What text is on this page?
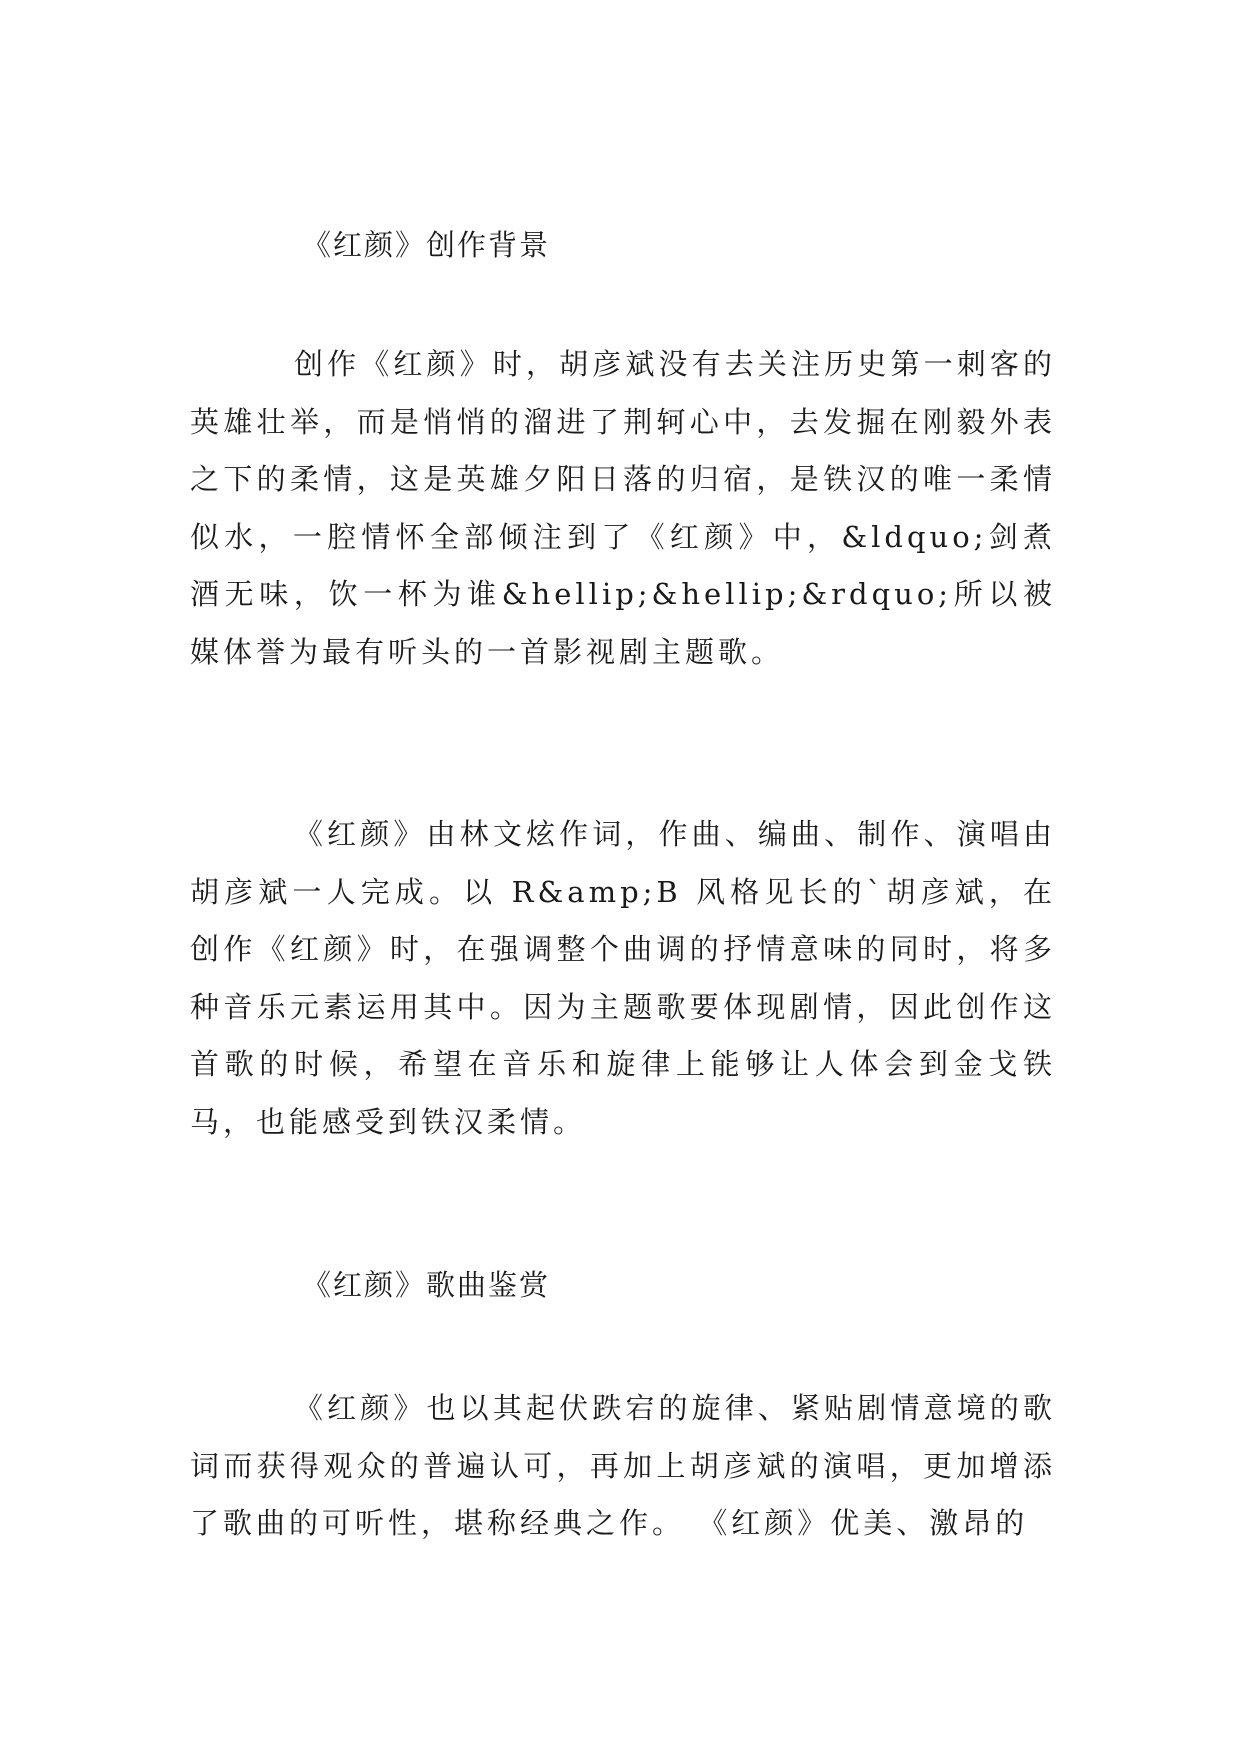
《红颜》创作背景
创作《红颜》时，胡彦斌没有去关注历史第一刺客的英雄壮举，而是悄悄的溜进了荆轲心中，去发掘在刚毅外表之下的柔情，这是英雄夕阳日落的归宿，是铁汉的唯一柔情似水，一腔情怀全部倾注到了《红颜》中，&ldquo;剑煮酒无味，饮一杯为谁&hellip;&hellip;&rdquo;所以被媒体誉为最有听头的一首影视剧主题歌。
《红颜》由林文炫作词，作曲、编曲、制作、演唱由胡彦斌一人完成。以 R&amp;B 风格见长的`胡彦斌，在创作《红颜》时，在强调整个曲调的抒情意味的同时，将多种音乐元素运用其中。因为主题歌要体现剧情，因此创作这首歌的时候，希望在音乐和旋律上能够让人体会到金戈铁马，也能感受到铁汉柔情。
《红颜》歌曲鉴赏
《红颜》也以其起伏跌宕的旋律、紧贴剧情意境的歌词而获得观众的普遍认可，再加上胡彦斌的演唱，更加增添了歌曲的可听性，堪称经典之作。 《红颜》优美、激昂的
